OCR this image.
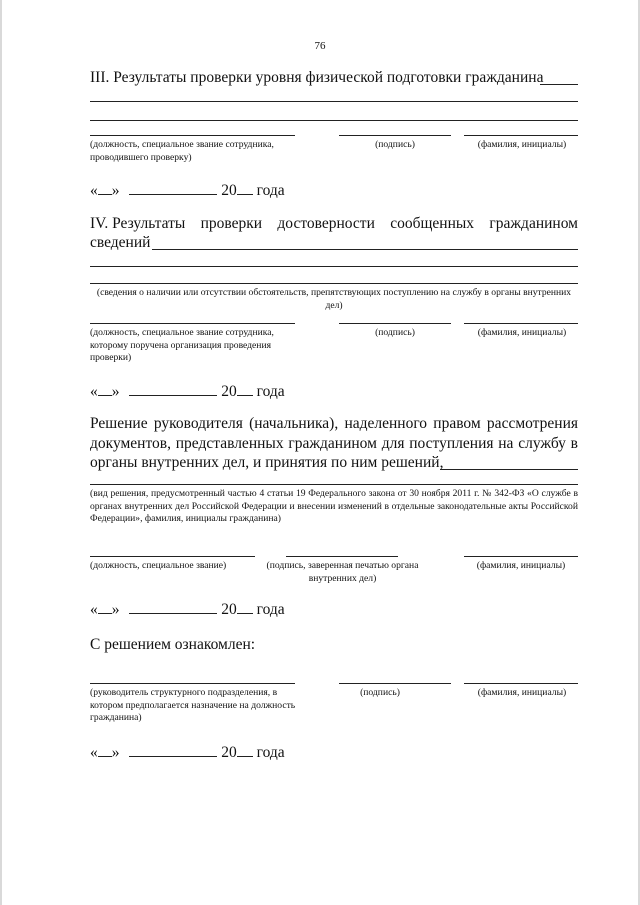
76
III. Результаты проверки уровня физической подготовки гражданина
(должность, специальное звание сотрудника, проводившего проверку)
(подпись)	(фамилия, инициалы)
« »	20 года
IV. Результаты проверки достоверности сообщенных гражданином
сведений
(сведения о наличии или отсутствии обстоятельств, препятствующих поступлению на службу в органы внутренних дел)
(должность, специальное звание сотрудника, которому поручена организация проведения проверки)
(подпись)	(фамилия, инициалы)
« »	20 года
Решение руководителя (начальника), наделенного правом рассмотрения
документов, представленных гражданином для поступления на службу в
органы внутренних дел, и принятия по ним решений,
(вид решения, предусмотренный частью 4 статьи 19 Федерального закона от 30 ноября 2011 г. № 342-ФЗ «О службе в органах внутренних дел Российской Федерации и внесении изменений в отдельные законодательные акты Российской Федерации», фамилия, инициалы гражданина)
(должность, специальное звание)	(подпись, заверенная печатью органа внутренних дел)
(фамилия, инициалы)
« »	20 года
С решением ознакомлен:
(руководитель структурного подразделения, в котором предполагается назначение на должность гражданина)
(подпись)	(фамилия, инициалы)
« »	20 года
